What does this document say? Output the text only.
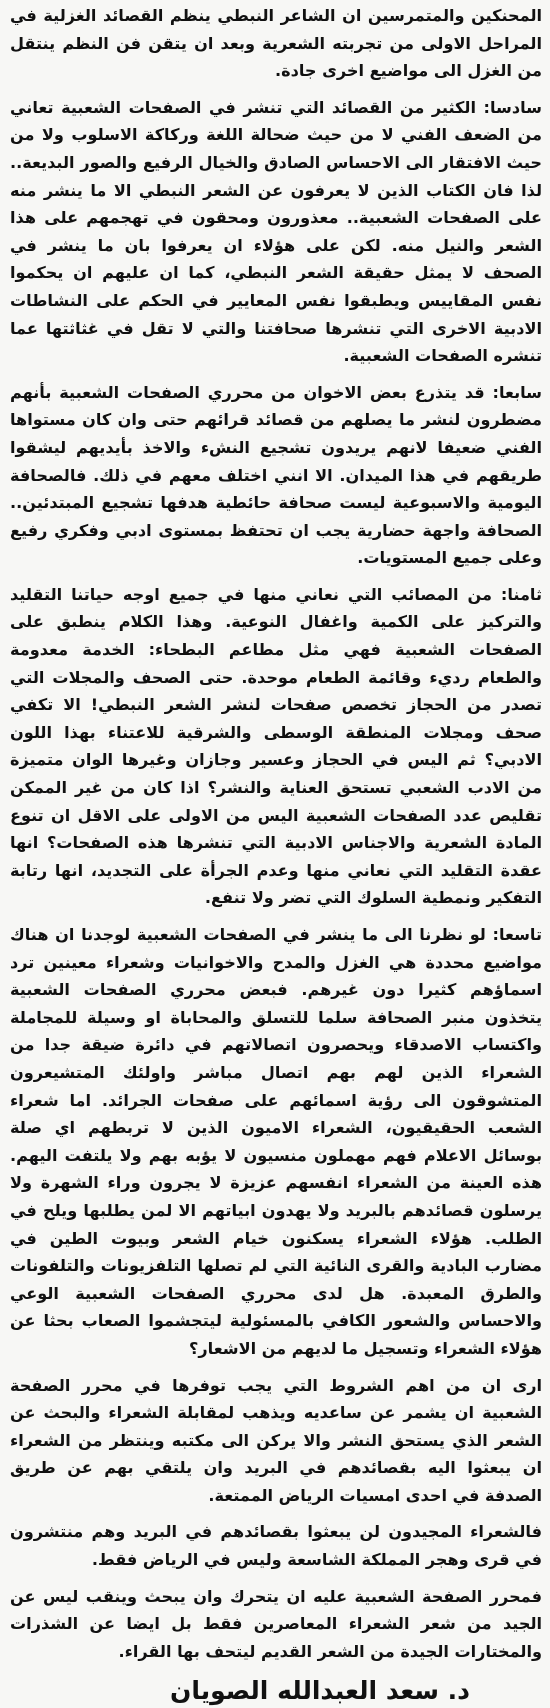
المحنكين والمتمرسين ان الشاعر النبطي ينظم القصائد الغزلية في المراحل الاولى من تجربته الشعرية وبعد ان يتقن فن النظم ينتقل من الغزل الى مواضيع اخرى جادة.

سادسا: الكثير من القصائد التي تنشر في الصفحات الشعبية تعاني من الضعف الفني لا من حيث ضحالة اللغة وركاكة الاسلوب ولا من حيث الافتقار الى الاحساس الصادق والخيال الرفيع والصور البديعة.. لذا فان الكتاب الذين لا يعرفون عن الشعر النبطي الا ما ينشر منه على الصفحات الشعبية.. معذورون ومحقون في تهجمهم على هذا الشعر والنيل منه. لكن على هؤلاء ان يعرفوا بان ما ينشر في الصحف لا يمثل حقيقة الشعر النبطي، كما ان عليهم ان يحكموا نفس المقاييس ويطبقوا نفس المعايير في الحكم على النشاطات الادبية الاخرى التي تنشرها صحافتنا والتي لا تقل في غثاثتها عما تنشره الصفحات الشعبية.

سابعا: قد يتذرع بعض الاخوان من محرري الصفحات الشعبية بأنهم مضطرون لنشر ما يصلهم من قصائد قرائهم حتى وان كان مستواها الفني ضعيفا لانهم يريدون تشجيع النشء والاخذ بأيديهم ليشقوا طريقهم في هذا الميدان. الا انني اختلف معهم في ذلك. فالصحافة اليومية والاسبوعية ليست صحافة حائطية هدفها تشجيع المبتدئين.. الصحافة واجهة حضارية يجب ان تحتفظ بمستوى ادبي وفكري رفيع وعلى جميع المستويات.

ثامنا: من المصائب التي نعاني منها في جميع اوجه حياتنا التقليد والتركيز على الكمية واغفال النوعية. وهذا الكلام ينطبق على الصفحات الشعبية فهي مثل مطاعم البطحاء: الخدمة معدومة والطعام رديء وقائمة الطعام موحدة. حتى الصحف والمجلات التي تصدر من الحجاز تخصص صفحات لنشر الشعر النبطي! الا تكفي صحف ومجلات المنطقة الوسطى والشرقية للاعتناء بهذا اللون الادبي؟ ثم اليس في الحجاز وعسير وجازان وغيرها الوان متميزة من الادب الشعبي تستحق العناية والنشر؟ اذا كان من غير الممكن تقليص عدد الصفحات الشعبية اليس من الاولى على الاقل ان تنوع المادة الشعرية والاجناس الادبية التي تنشرها هذه الصفحات؟ انها عقدة التقليد التي نعاني منها وعدم الجرأة على التجديد، انها رتابة التفكير ونمطية السلوك التي تضر ولا تنفع.

تاسعا: لو نظرنا الى ما ينشر في الصفحات الشعبية لوجدنا ان هناك مواضيع محددة هي الغزل والمدح والاخوانيات وشعراء معينين ترد اسماؤهم كثيرا دون غيرهم. فبعض محرري الصفحات الشعبية يتخذون منبر الصحافة سلما للتسلق والمحاباة او وسيلة للمجاملة واكتساب الاصدقاء ويحصرون اتصالاتهم في دائرة ضيقة جدا من الشعراء الذين لهم بهم اتصال مباشر واولئك المتشيعرون المتشوقون الى رؤية اسمائهم على صفحات الجرائد. اما شعراء الشعب الحقيقيون، الشعراء الاميون الذين لا تربطهم اي صلة بوسائل الاعلام فهم مهملون منسيون لا يؤبه بهم ولا يلتفت اليهم. هذه العينة من الشعراء انفسهم عزيزة لا يجرون وراء الشهرة ولا يرسلون قصائدهم بالبريد ولا يهدون ابياتهم الا لمن يطلبها ويلح في الطلب. هؤلاء الشعراء يسكنون خيام الشعر وبيوت الطين في مضارب البادية والقرى النائية التي لم تصلها التلفزيونات والتلفونات والطرق المعبدة. هل لدى محرري الصفحات الشعبية الوعي والاحساس والشعور الكافي بالمسئولية ليتجشموا الصعاب بحثا عن هؤلاء الشعراء وتسجيل ما لديهم من الاشعار؟

ارى ان من اهم الشروط التي يجب توفرها في محرر الصفحة الشعبية ان يشمر عن ساعديه ويذهب لمقابلة الشعراء والبحث عن الشعر الذي يستحق النشر والا يركن الى مكتبه وينتظر من الشعراء ان يبعثوا اليه بقصائدهم في البريد وان يلتقي بهم عن طريق الصدفة في احدى امسيات الرياض الممتعة.

فالشعراء المجيدون لن يبعثوا بقصائدهم في البريد وهم منتشرون في قرى وهجر المملكة الشاسعة وليس في الرياض فقط.

فمحرر الصفحة الشعبية عليه ان يتحرك وان يبحث وينقب ليس عن الجيد من شعر الشعراء المعاصرين فقط بل ايضا عن الشذرات والمختارات الجيدة من الشعر القديم ليتحف بها القراء.

د. سعد العبدالله الصويان
